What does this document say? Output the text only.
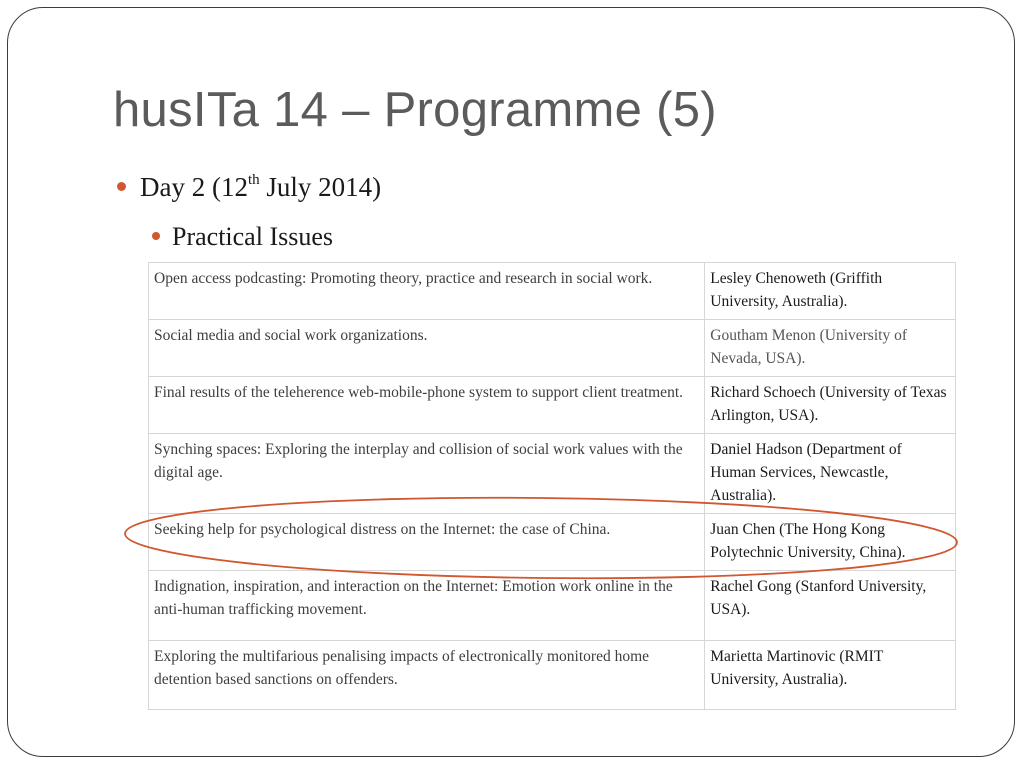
husITa 14 – Programme (5)
Day 2 (12th July 2014)
Practical Issues
Open access podcasting: Promoting theory, practice and research in social work.	Lesley Chenoweth (Griffith University, Australia).
Social media and social work organizations.	Goutham Menon (University of Nevada, USA).
Final results of the teleherence web-mobile-phone system to support client treatment.	Richard Schoech (University of Texas Arlington, USA).
Synching spaces: Exploring the interplay and collision of social work values with the digital age.	Daniel Hadson (Department of Human Services, Newcastle, Australia).
Seeking help for psychological distress on the Internet: the case of China.	Juan Chen (The Hong Kong Polytechnic University, China).
Indignation, inspiration, and interaction on the Internet: Emotion work online in the anti-human trafficking movement.	Rachel Gong (Stanford University, USA).
Exploring the multifarious penalising impacts of electronically monitored home detention based sanctions on offenders.	Marietta Martinovic (RMIT University, Australia).
